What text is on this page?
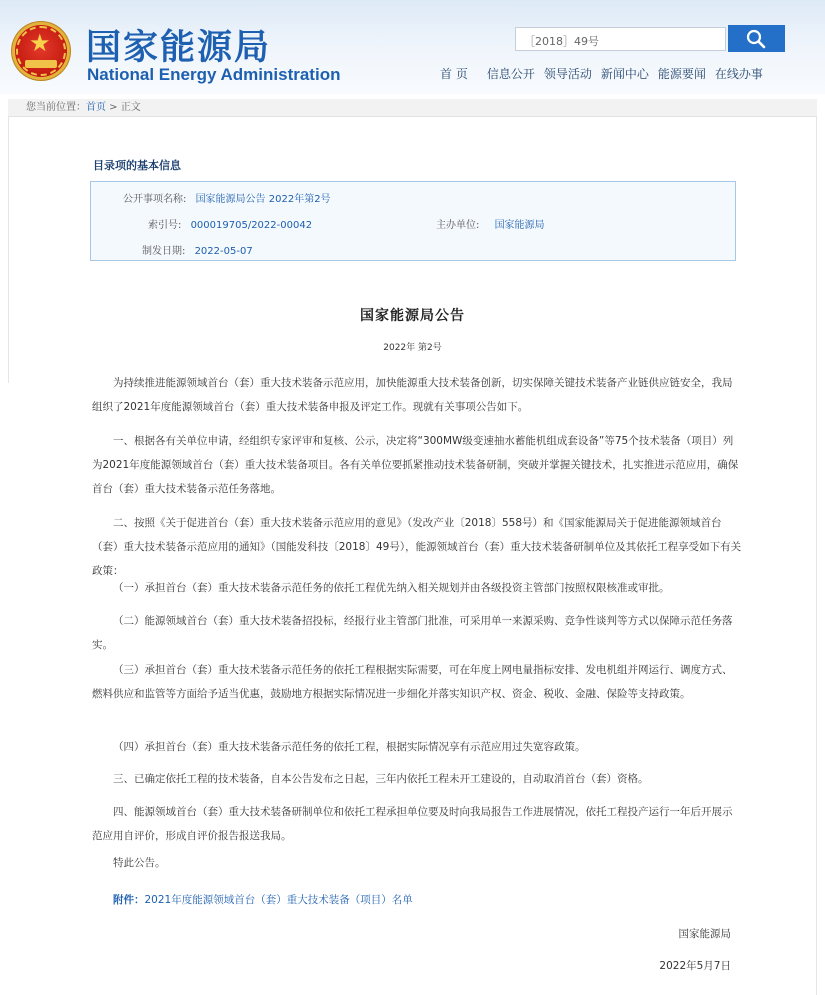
★ 国家能源局
National Energy Administration
［2018］49号
首 页 信息公开 领导活动 新闻中心 能源要闻 在线办事
您当前位置：首页 > 正文
目录项的基本信息
公开事项名称: 国家能源局公告 2022年第2号
索引号: 000019705/2022-00042	主办单位: 国家能源局
制发日期: 2022-05-07
国家能源局公告
2022年 第2号

为持续推进能源领域首台（套）重大技术装备示范应用，加快能源重大技术装备创新，切实保障关键技术装备产业链供应链安全，我局组织了2021年度能源领域首台（套）重大技术装备申报及评定工作。现就有关事项公告如下。

一、根据各有关单位申请，经组织专家评审和复核、公示，决定将“300MW级变速抽水蓄能机组成套设备”等75个技术装备（项目）列为2021年度能源领域首台（套）重大技术装备项目。各有关单位要抓紧推动技术装备研制，突破并掌握关键技术，扎实推进示范应用，确保首台（套）重大技术装备示范任务落地。

二、按照《关于促进首台（套）重大技术装备示范应用的意见》（发改产业〔2018〕558号）和《国家能源局关于促进能源领域首台（套）重大技术装备示范应用的通知》（国能发科技〔2018〕49号），能源领域首台（套）重大技术装备研制单位及其依托工程享受如下有关政策：

（一）承担首台（套）重大技术装备示范任务的依托工程优先纳入相关规划并由各级投资主管部门按照权限核准或审批。

（二）能源领域首台（套）重大技术装备招投标，经报行业主管部门批准，可采用单一来源采购、竞争性谈判等方式以保障示范任务落实。

（三）承担首台（套）重大技术装备示范任务的依托工程根据实际需要，可在年度上网电量指标安排、发电机组并网运行、调度方式、燃料供应和监管等方面给予适当优惠，鼓励地方根据实际情况进一步细化并落实知识产权、资金、税收、金融、保险等支持政策。

（四）承担首台（套）重大技术装备示范任务的依托工程，根据实际情况享有示范应用过失宽容政策。

三、已确定依托工程的技术装备，自本公告发布之日起，三年内依托工程未开工建设的，自动取消首台（套）资格。

四、能源领域首台（套）重大技术装备研制单位和依托工程承担单位要及时向我局报告工作进展情况，依托工程投产运行一年后开展示范应用自评价，形成自评价报告报送我局。

特此公告。

附件：2021年度能源领域首台（套）重大技术装备（项目）名单
国家能源局
2022年5月7日
